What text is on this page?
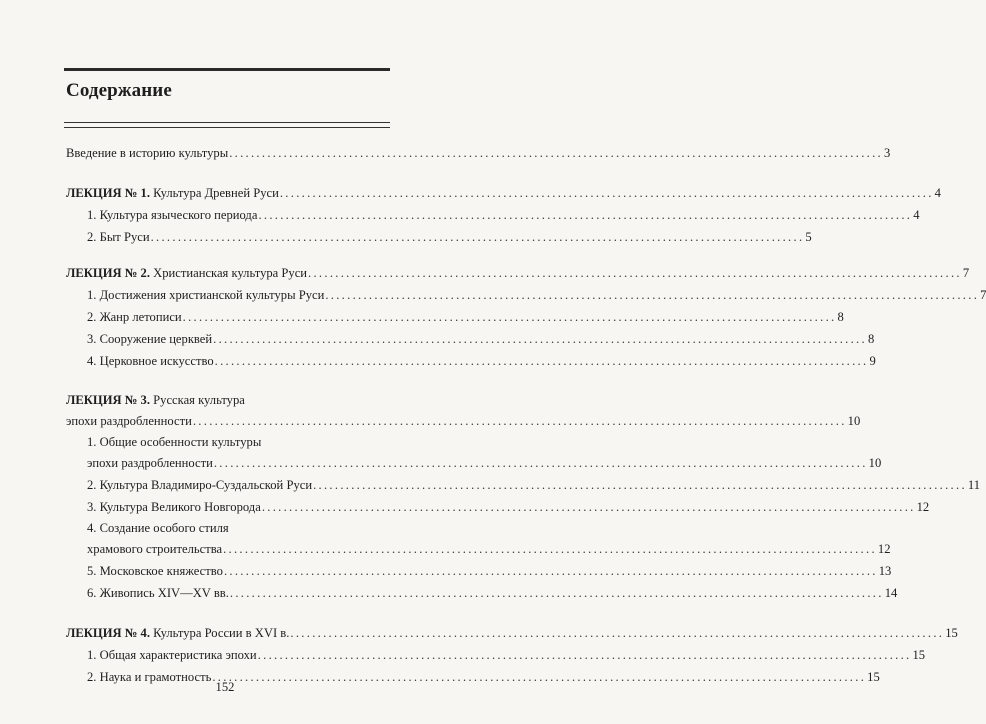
Содержание
Введение в историю культуры ........................................................................................................................ 3
ЛЕКЦИЯ № 1. Культура Древней Руси ........................................................................................................................ 4
1. Культура языческого периода ........................................................................................................................ 4
2. Быт Руси ........................................................................................................................ 5
ЛЕКЦИЯ № 2. Христианская культура Руси ........................................................................................................................ 7
1. Достижения христианской культуры Руси ........................................................................................................................ 7
2. Жанр летописи ........................................................................................................................ 8
3. Сооружение церквей ........................................................................................................................ 8
4. Церковное искусство ........................................................................................................................ 9
ЛЕКЦИЯ № 3. Русская культура
эпохи раздробленности ........................................................................................................................ 10
1. Общие особенности культуры
эпохи раздробленности ........................................................................................................................ 10
2. Культура Владимиро-Суздальской Руси ........................................................................................................................ 11
3. Культура Великого Новгорода ........................................................................................................................ 12
4. Создание особого стиля
храмового строительства ........................................................................................................................ 12
5. Московское княжество ........................................................................................................................ 13
6. Живопись XIV—XV вв. ........................................................................................................................ 14
ЛЕКЦИЯ № 4. Культура России в XVI в. ........................................................................................................................ 15
1. Общая характеристика эпохи ........................................................................................................................ 15
2. Наука и грамотность ........................................................................................................................ 15
152
